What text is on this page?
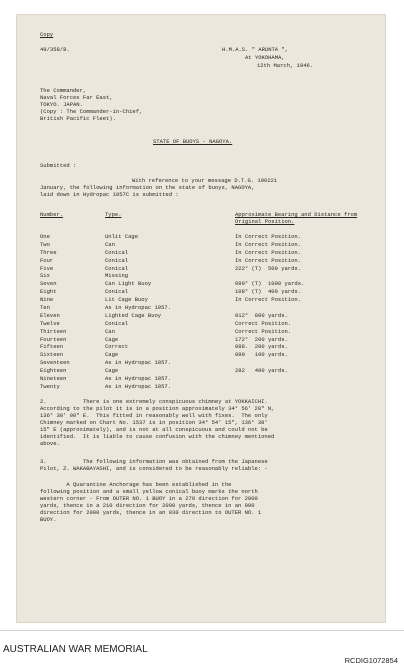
Copy

49/358/8.	H.M.A.S. " ARUNTA ",

At YOKOHAMA,

12th March, 1946.

The Commander,

Naval Forces Far East,

TOKYO. JAPAN.

(Copy : The Commander-in-Chief,

British Pacific Fleet).

STATE OF BUOYS - NAGOYA.

Submitted :

With reference to your message D.T.G. 190221

January, the following information on the state of buoys, NAGOYA,

laid down in Hydropac 1057C is submitted :

Number.	Type.	Approximate Bearing and Distance from

Original Position.

One	Unlit Cage	In Correct Position.

Two	Can	In Correct Position.

Three	Conical	In Correct Position.

Four	Conical	In Correct Position.

Five	Conical	222° (T)  500 yards.

Six	Missing

Seven	Can Light Buoy	090° (T)  1000 yards.

Eight	Conical	108° (T)  400 yards.

Nine	Lit Cage Buoy	In Correct Position.

Ten	As in Hydropac 1057.

Eleven	Lighted Cage Buoy	012°  800 yards.

Twelve	Conical	Correct Position.

Thirteen	Can	Correct Position.

Fourteen	Cage	172°  200 yards.

Fifteen	Correct	088.  200 yards.

Sixteen	Cage	090   100 yards.

Seventeen	As in Hydropac 1057.

Eighteen	Cage	282   400 yards.

Nineteen	As in Hydropac 1057.

Twenty	As in Hydropac 1057.

2.           There is one extremely conspicuous chimney at YOKKAICHI.

According to the pilot it is in a position approximately 34° 56' 28" N,

136° 38' 00" E.  This fitted in reasonably well with fixes.  The only

Chimney marked on Chart No. 1537 is in position 34° 54' 15", 136° 38'

15" E (approximately), and is not at all conspicuous and could not be

identified.  It is liable to cause confusion with the chimney mentioned

above.

3.           The following information was obtained from the Japanese

Pilot, Z. WAKABAYASHI, and is considered to be reasonably reliable: -

A Quarantine Anchorage has been established in the

following position and a small yellow conical buoy marks the north

western corner - From OUTER NO. 1 BUOY in a 270 direction for 2000

yards, thence in a 210 direction for 2000 yards, thence in an 090

direction for 2000 yards, thence in an 030 direction to OUTER NO. 1

BUOY.

AUSTRALIAN WAR MEMORIAL
RCDIG1072854
